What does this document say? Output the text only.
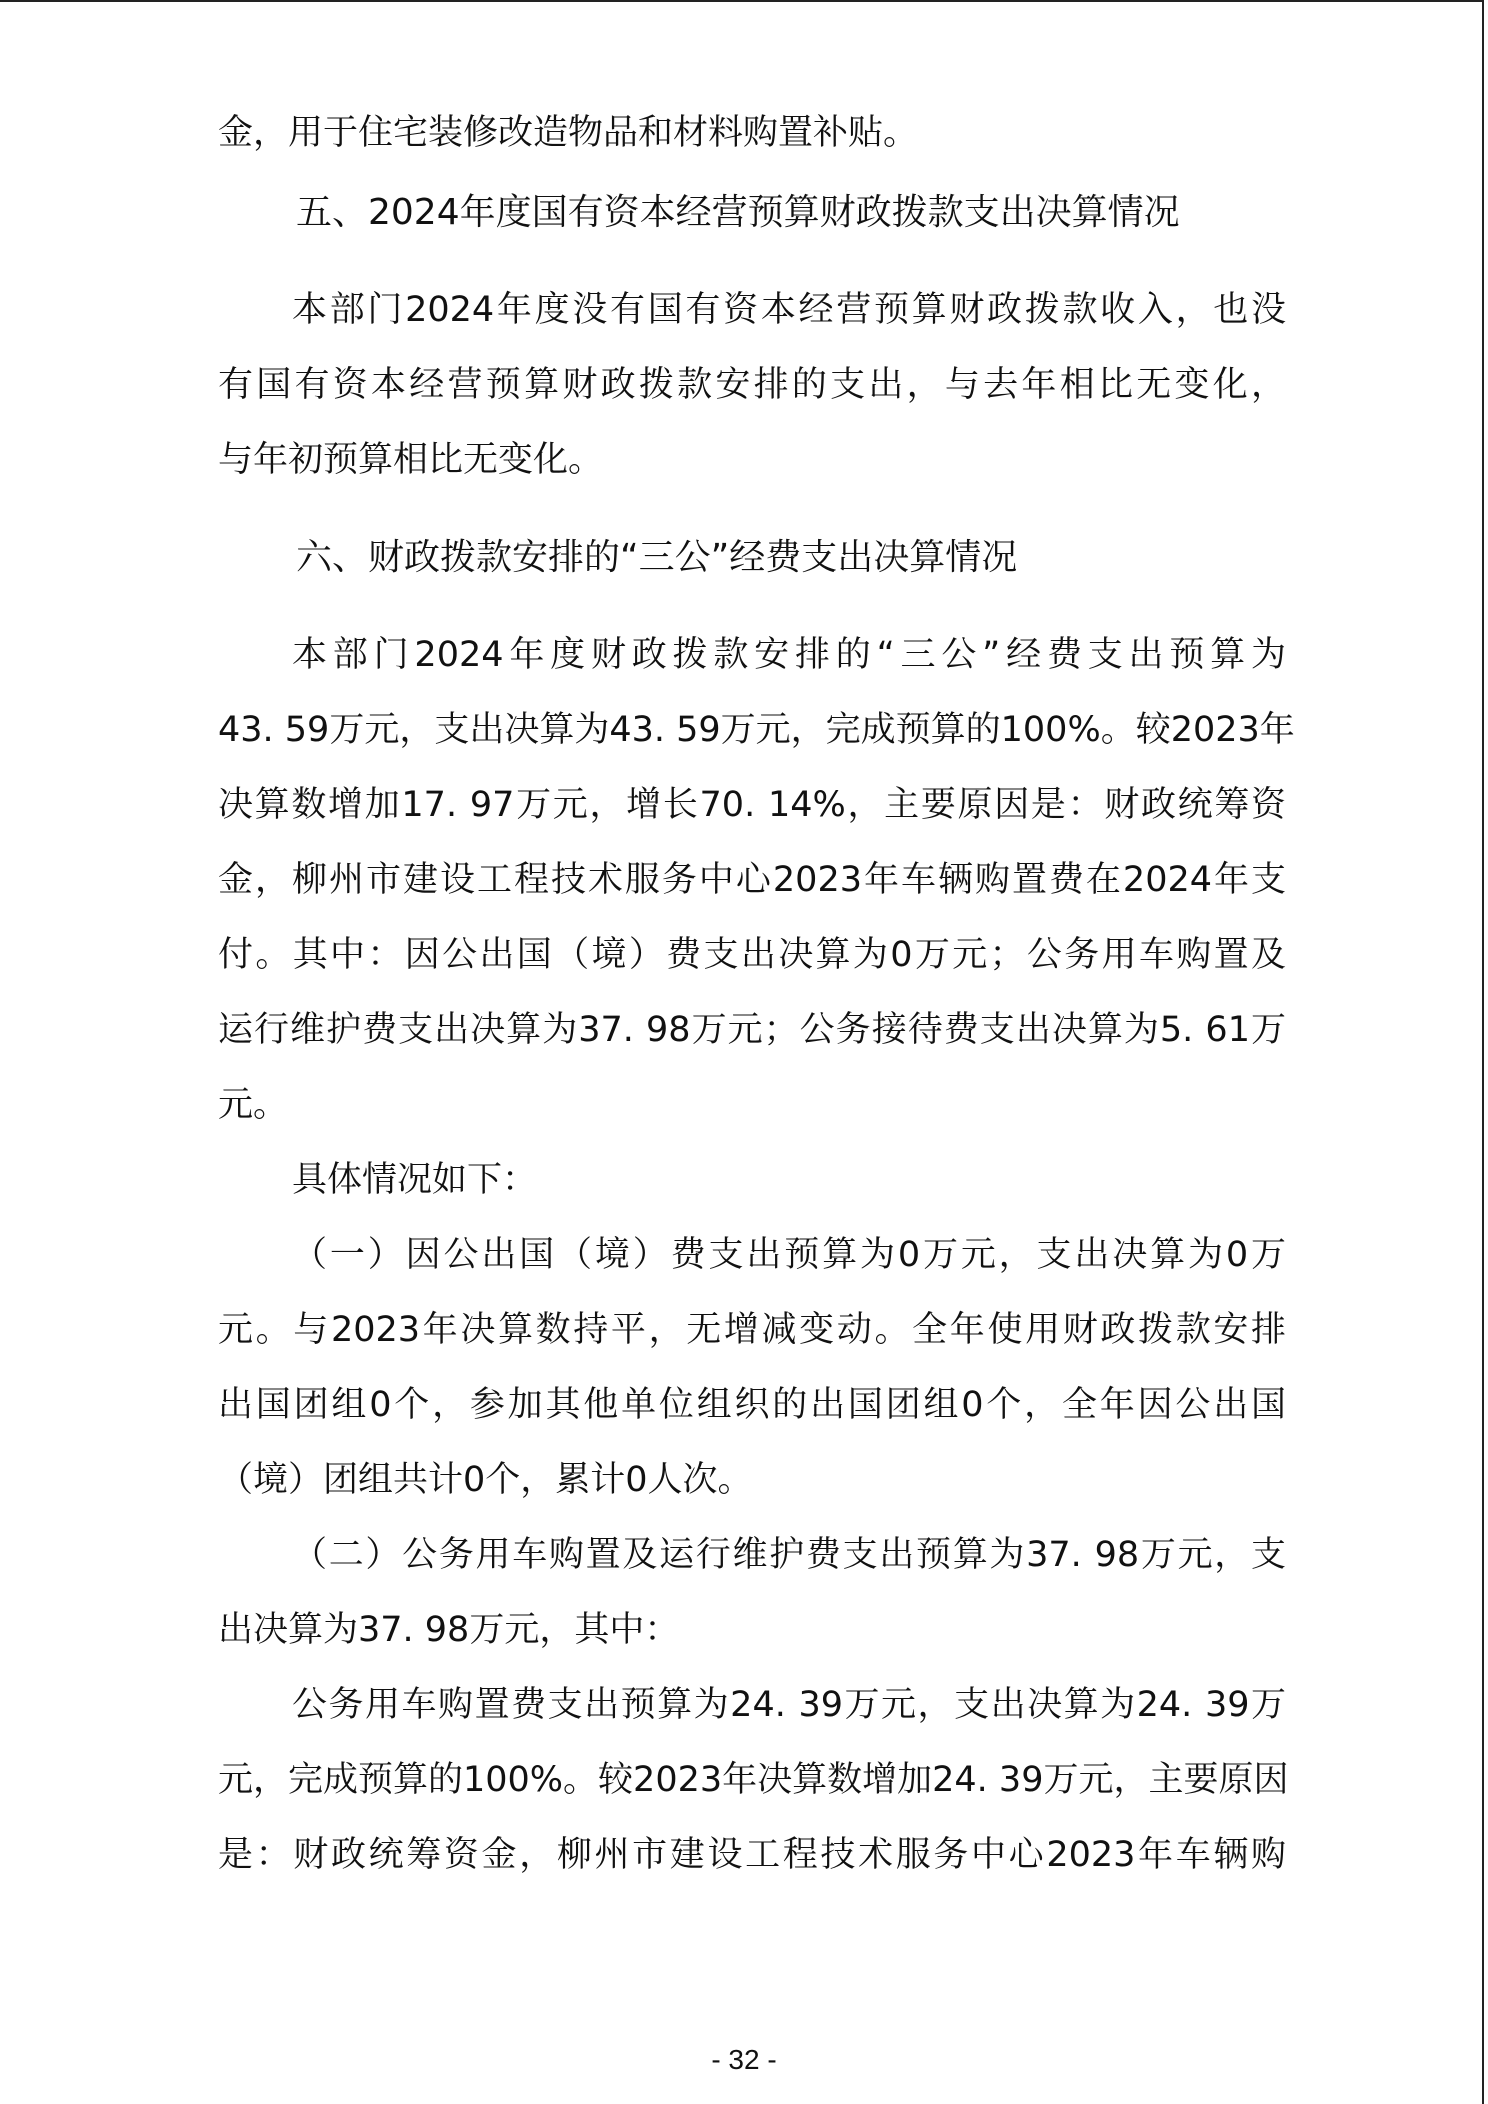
金，用于住宅装修改造物品和材料购置补贴。
五、2024年度国有资本经营预算财政拨款支出决算情况
本部门2024年度没有国有资本经营预算财政拨款收入，也没
有国有资本经营预算财政拨款安排的支出，与去年相比无变化，
与年初预算相比无变化。
六、财政拨款安排的“三公”经费支出决算情况
本部门2024年度财政拨款安排的“三公”经费支出预算为
43. 59万元，支出决算为43. 59万元，完成预算的100%。较2023年
决算数增加17. 97万元，增长70. 14%，主要原因是：财政统筹资
金，柳州市建设工程技术服务中心2023年车辆购置费在2024年支
付。其中：因公出国（境）费支出决算为0万元；公务用车购置及
运行维护费支出决算为37. 98万元；公务接待费支出决算为5. 61万
元。
具体情况如下：
（一）因公出国（境）费支出预算为0万元，支出决算为0万
元。与2023年决算数持平，无增减变动。全年使用财政拨款安排
出国团组0个，参加其他单位组织的出国团组0个，全年因公出国
（境）团组共计0个，累计0人次。
（二）公务用车购置及运行维护费支出预算为37. 98万元，支
出决算为37. 98万元，其中：
公务用车购置费支出预算为24. 39万元，支出决算为24. 39万
元，完成预算的100%。较2023年决算数增加24. 39万元，主要原因
是：财政统筹资金，柳州市建设工程技术服务中心2023年车辆购
- 32 -
